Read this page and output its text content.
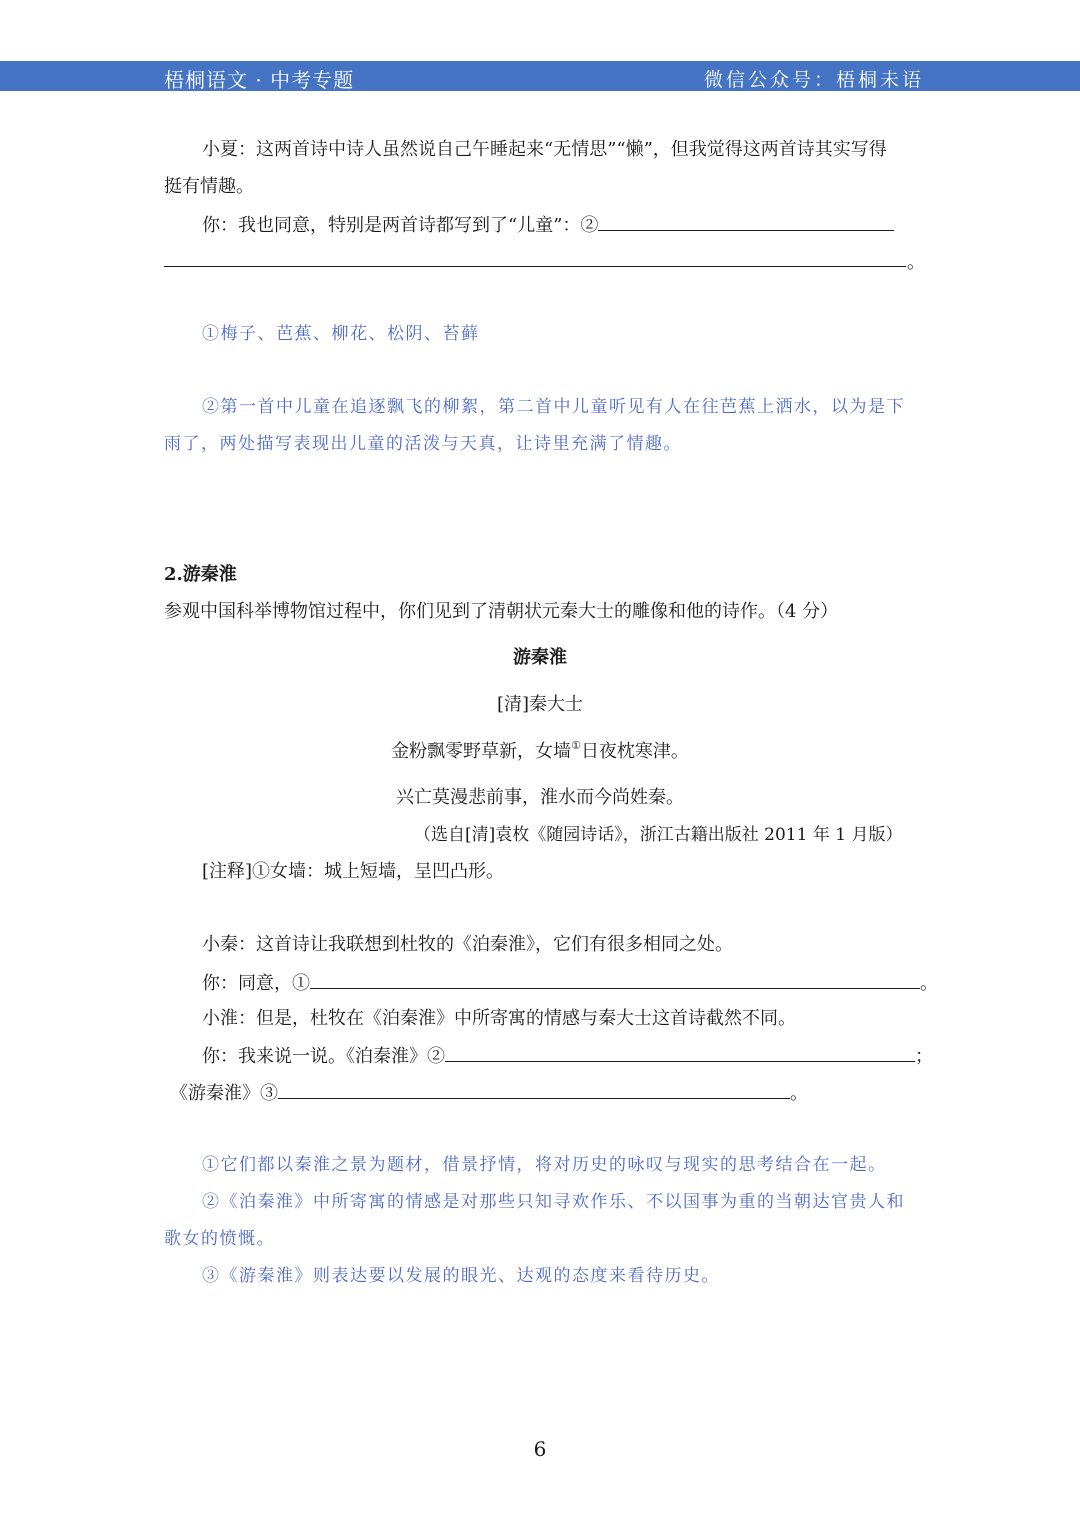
梧桐语文 · 中考专题	微信公众号：梧桐未语
小夏：这两首诗中诗人虽然说自己午睡起来“无情思”“懒”，但我觉得这两首诗其实写得
挺有情趣。
你：我也同意，特别是两首诗都写到了“儿童”：②
。
①梅子、芭蕉、柳花、松阴、苔藓
②第一首中儿童在追逐飘飞的柳絮，第二首中儿童听见有人在往芭蕉上洒水，以为是下
雨了，两处描写表现出儿童的活泼与天真，让诗里充满了情趣。
2.游秦淮
参观中国科举博物馆过程中，你们见到了清朝状元秦大士的雕像和他的诗作。（4 分）
游秦淮
[清]秦大士
金粉飘零野草新，女墙①日夜枕寒津。
兴亡莫漫悲前事，淮水而今尚姓秦。
（选自[清]袁枚《随园诗话》，浙江古籍出版社 2011 年 1 月版）
[注释]①女墙：城上短墙，呈凹凸形。
小秦：这首诗让我联想到杜牧的《泊秦淮》，它们有很多相同之处。
你：同意，①	。
小淮：但是，杜牧在《泊秦淮》中所寄寓的情感与秦大士这首诗截然不同。
你：我来说一说。《泊秦淮》②	；
《游秦淮》③	。
①它们都以秦淮之景为题材，借景抒情，将对历史的咏叹与现实的思考结合在一起。
②《泊秦淮》中所寄寓的情感是对那些只知寻欢作乐、不以国事为重的当朝达官贵人和
歌女的愤慨。
③《游秦淮》则表达要以发展的眼光、达观的态度来看待历史。
6
